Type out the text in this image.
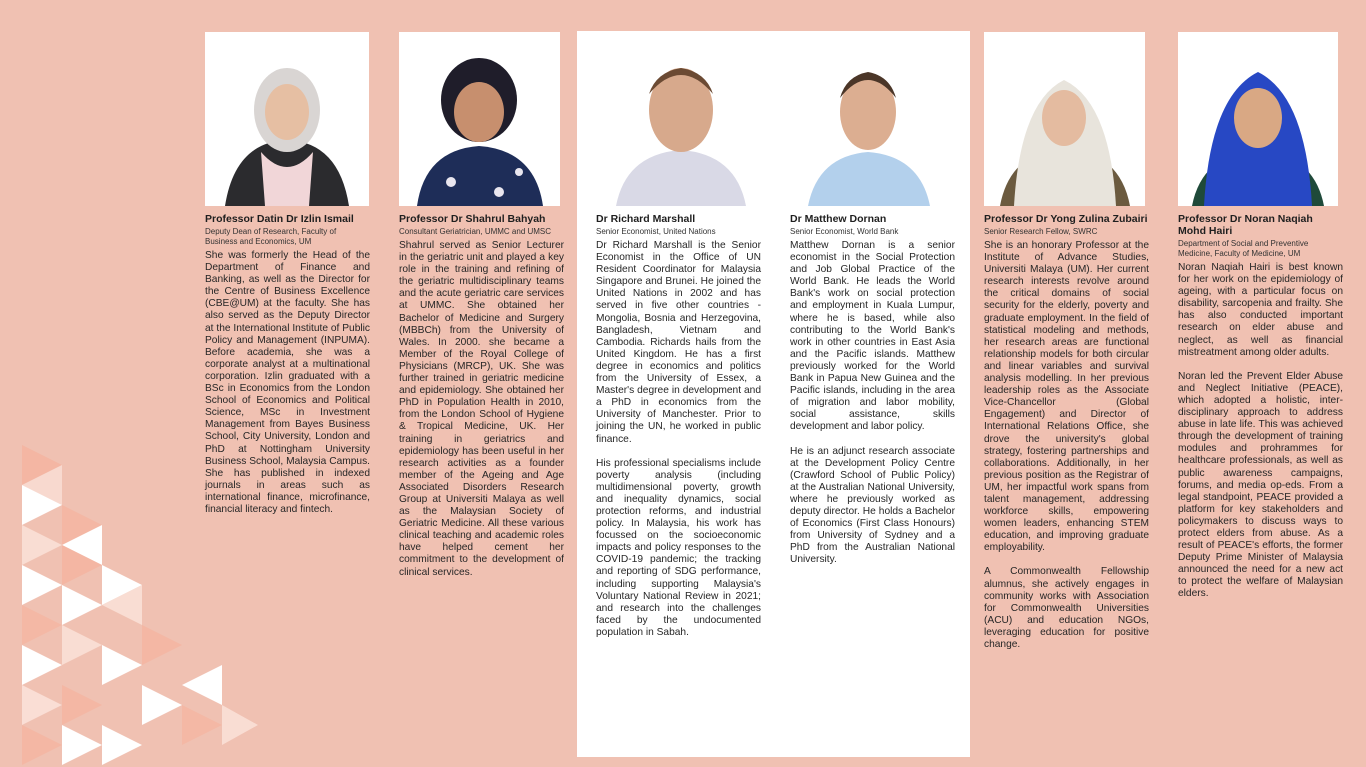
Professor Datin Dr Izlin Ismail
Deputy Dean of Research, Faculty of Business and Economics, UM

She was formerly the Head of the Department of Finance and Banking, as well as the Director for the Centre of Business Excellence (CBE@UM) at the faculty. She has also served as the Deputy Director at the International Institute of Public Policy and Management (INPUMA). Before academia, she was a corporate analyst at a multinational corporation. Izlin graduated with a BSc in Economics from the London School of Economics and Political Science, MSc in Investment Management from Bayes Business School, City University, London and PhD at Nottingham University Business School, Malaysia Campus. She has published in indexed journals in areas such as international finance, microfinance, financial literacy and fintech.

Professor Dr Shahrul Bahyah
Consultant Geriatrician, UMMC and UMSC

Shahrul served as Senior Lecturer in the geriatric unit and played a key role in the training and refining of the geriatric multidisciplinary teams and the acute geriatric care services at UMMC. She obtained her Bachelor of Medicine and Surgery (MBBCh) from the University of Wales. In 2000. she became a Member of the Royal College of Physicians (MRCP), UK. She was further trained in geriatric medicine and epidemiology. She obtained her PhD in Population Health in 2010, from the London School of Hygiene & Tropical Medicine, UK. Her training in geriatrics and epidemiology has been useful in her research activities as a founder member of the Ageing and Age Associated Disorders Research Group at Universiti Malaya as well as the Malaysian Society of Geriatric Medicine. All these various clinical teaching and academic roles have helped cement her commitment to the development of clinical services.

Dr Richard Marshall
Senior Economist, United Nations

Dr Richard Marshall is the Senior Economist in the Office of UN Resident Coordinator for Malaysia Singapore and Brunei. He joined the United Nations in 2002 and has served in five other countries - Mongolia, Bosnia and Herzegovina, Bangladesh, Vietnam and Cambodia. Richards hails from the United Kingdom. He has a first degree in economics and politics from the University of Essex, a Master's degree in development and a PhD in economics from the University of Manchester. Prior to joining the UN, he worked in public finance.

His professional specialisms include poverty analysis (including multidimensional poverty, growth and inequality dynamics, social protection reforms, and industrial policy. In Malaysia, his work has focussed on the socioeconomic impacts and policy responses to the COVID-19 pandemic; the tracking and reporting of SDG performance, including supporting Malaysia's Voluntary National Review in 2021; and research into the challenges faced by the undocumented population in Sabah.

Dr Matthew Dornan
Senior Economist, World Bank

Matthew Dornan is a senior economist in the Social Protection and Job Global Practice of the World Bank. He leads the World Bank's work on social protection and employment in Kuala Lumpur, where he is based, while also contributing to the World Bank's work in other countries in East Asia and the Pacific islands. Matthew previously worked for the World Bank in Papua New Guinea and the Pacific islands, including in the area of migration and labor mobility, social assistance, skills development and labor policy.

He is an adjunct research associate at the Development Policy Centre (Crawford School of Public Policy) at the Australian National University, where he previously worked as deputy director. He holds a Bachelor of Economics (First Class Honours) from University of Sydney and a PhD from the Australian National University.

Professor Dr Yong Zulina Zubairi
Senior Research Fellow, SWRC

She is an honorary Professor at the Institute of Advance Studies, Universiti Malaya (UM). Her current research interests revolve around the critical domains of social security for the elderly, poverty and graduate employment. In the field of statistical modeling and methods, her research areas are functional relationship models for both circular and linear variables and survival analysis modelling. In her previous leadership roles as the Associate Vice-Chancellor (Global Engagement) and Director of International Relations Office, she drove the university's global strategy, fostering partnerships and collaborations. Additionally, in her previous position as the Registrar of UM, her impactful work spans from talent management, addressing workforce skills, empowering women leaders, enhancing STEM education, and improving graduate employability.

A Commonwealth Fellowship alumnus, she actively engages in community works with Association for Commonwealth Universities (ACU) and education NGOs, leveraging education for positive change.

Professor Dr Noran Naqiah Mohd Hairi
Department of Social and Preventive Medicine, Faculty of Medicine, UM

Noran Naqiah Hairi is best known for her work on the epidemiology of ageing, with a particular focus on disability, sarcopenia and frailty. She has also conducted important research on elder abuse and neglect, as well as financial mistreatment among older adults.

Noran led the Prevent Elder Abuse and Neglect Initiative (PEACE), which adopted a holistic, inter-disciplinary approach to address abuse in late life. This was achieved through the development of training modules and prohrammes for healthcare professionals, as well as public awareness campaigns, forums, and media op-eds. From a legal standpoint, PEACE provided a platform for key stakeholders and policymakers to discuss ways to protect elders from abuse. As a result of PEACE's efforts, the former Deputy Prime Minister of Malaysia announced the need for a new act to protect the welfare of Malaysian elders.
